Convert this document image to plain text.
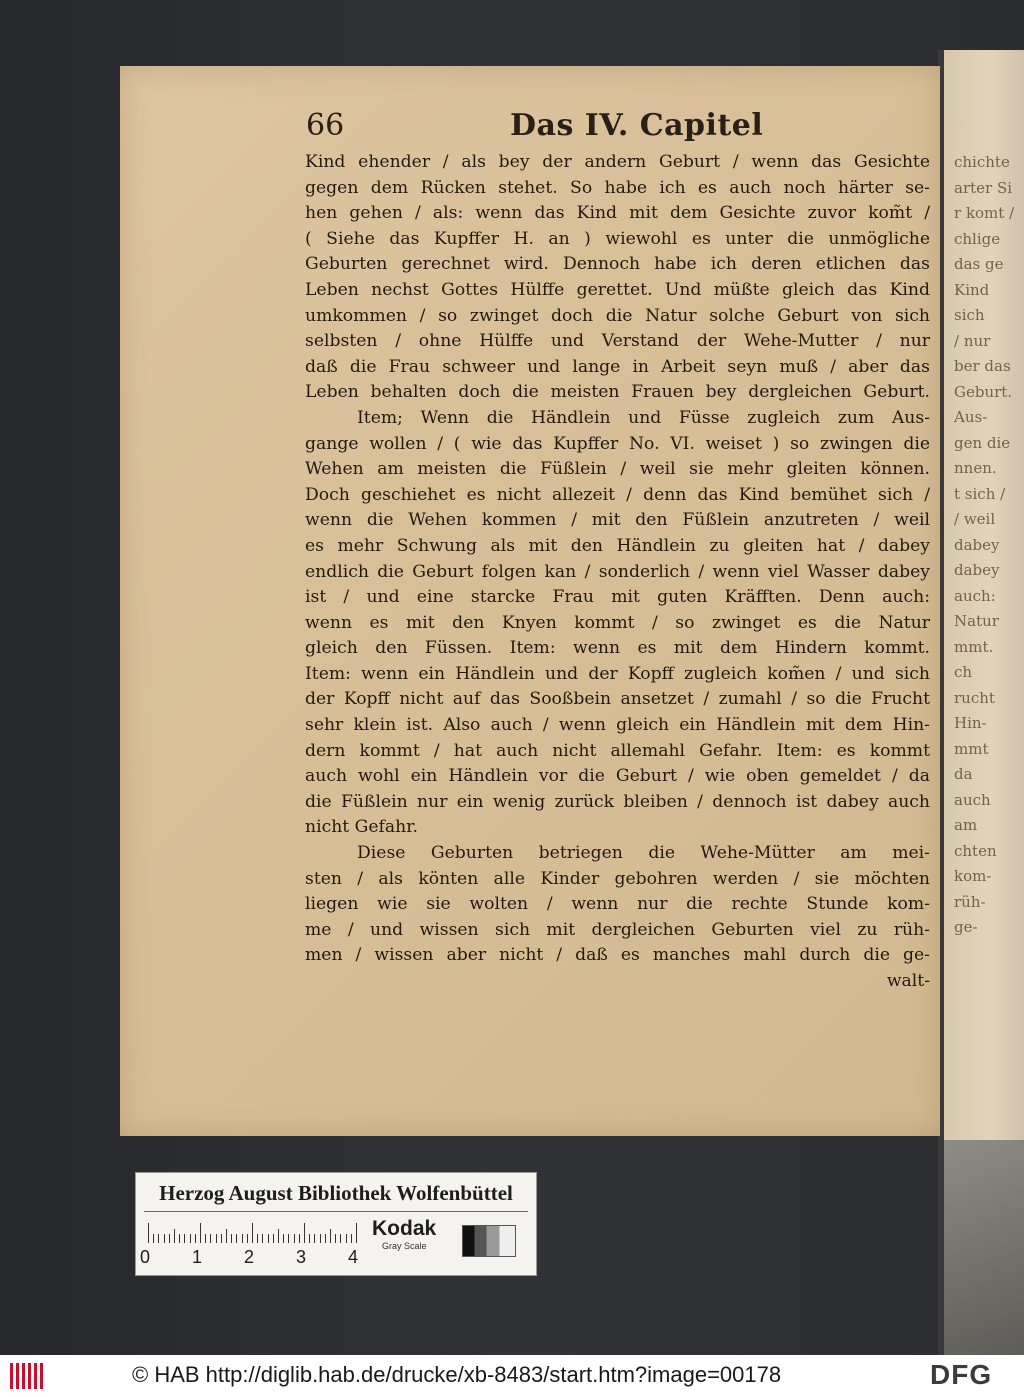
chichte
arter Si
r komt /
chlige
das ge
Kind
sich
/ nur
ber das
Geburt.
Aus-
gen die
nnen.
t sich /
/ weil
dabey
dabey
auch:
Natur
mmt.
ch
rucht
Hin-
mmt
da
auch
am
chten
kom-
rüh-
ge-
66	Das IV. Capitel
Kind ehender / als bey der andern Geburt / wenn das Gesichte
gegen dem Rücken stehet. So habe ich es auch noch härter se-
hen gehen / als: wenn das Kind mit dem Gesichte zuvor kom̃t /
( Siehe das Kupffer H. an ) wiewohl es unter die unmögliche
Geburten gerechnet wird. Dennoch habe ich deren etlichen das
Leben nechst Gottes Hülffe gerettet. Und müßte gleich das Kind
umkommen / so zwinget doch die Natur solche Geburt von sich
selbsten / ohne Hülffe und Verstand der Wehe-Mutter / nur
daß die Frau schweer und lange in Arbeit seyn muß / aber das
Leben behalten doch die meisten Frauen bey dergleichen Geburt.
Item; Wenn die Händlein und Füsse zugleich zum Aus-
gange wollen / ( wie das Kupffer No. VI. weiset ) so zwingen die
Wehen am meisten die Füßlein / weil sie mehr gleiten können.
Doch geschiehet es nicht allezeit / denn das Kind bemühet sich /
wenn die Wehen kommen / mit den Füßlein anzutreten / weil
es mehr Schwung als mit den Händlein zu gleiten hat / dabey
endlich die Geburt folgen kan / sonderlich / wenn viel Wasser dabey
ist / und eine starcke Frau mit guten Kräfften. Denn auch:
wenn es mit den Knyen kommt / so zwinget es die Natur
gleich den Füssen. Item: wenn es mit dem Hindern kommt.
Item: wenn ein Händlein und der Kopff zugleich kom̃en / und sich
der Kopff nicht auf das Sooßbein ansetzet / zumahl / so die Frucht
sehr klein ist. Also auch / wenn gleich ein Händlein mit dem Hin-
dern kommt / hat auch nicht allemahl Gefahr. Item: es kommt
auch wohl ein Händlein vor die Geburt / wie oben gemeldet / da
die Füßlein nur ein wenig zurück bleiben / dennoch ist dabey auch
nicht Gefahr.
Diese Geburten betriegen die Wehe-Mütter am mei-
sten / als könten alle Kinder gebohren werden / sie möchten
liegen wie sie wolten / wenn nur die rechte Stunde kom-
me / und wissen sich mit dergleichen Geburten viel zu rüh-
men / wissen aber nicht / daß es manches mahl durch die ge-
walt-
Herzog August Bibliothek Wolfenbüttel
0 1 2 3 4
Kodak
Gray Scale
© HAB http://diglib.hab.de/drucke/xb-8483/start.htm?image=00178	DFG
